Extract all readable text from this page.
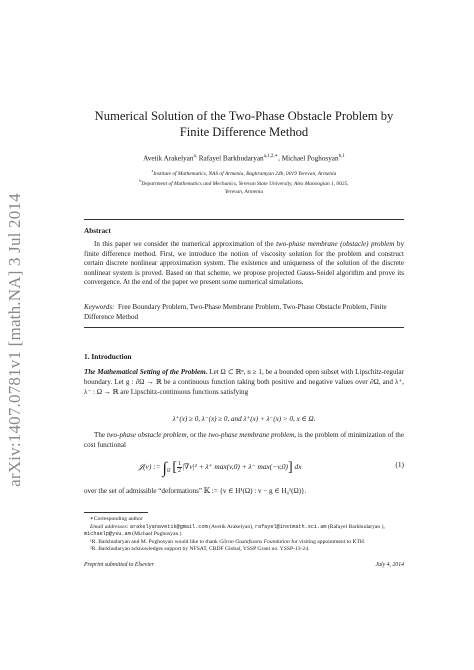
arXiv:1407.0781v1 [math.NA] 3 Jul 2014
Numerical Solution of the Two-Phase Obstacle Problem by
Finite Difference Method
Avetik Arakelyan$^{a,}$ Rafayel Barkhudaryan$^{a,1,2,∗}$, Michael Poghosyan$^{b,1}$
$^a$Institute of Mathematics, NAS of Armenia, Baghramyan 24b, 0019 Yerevan, Armenia
$^b$Department of Mathematics and Mechanics, Yerevan State University, Alex Manoogian 1, 0025,
Yerevan, Armenia
Abstract
In this paper we consider the numerical approximation of the two-phase membrane (obstacle) problem by finite difference method. First, we introduce the notion of viscosity solution for the problem and construct certain discrete nonlinear approximation system. The existence and uniqueness of the solution of the discrete nonlinear system is proved. Based on that scheme, we propose projected Gauss-Seidel algorithm and prove its convergence. At the end of the paper we present some numerical simulations.
Keywords: Free Boundary Problem, Two-Phase Membrane Problem, Two-Phase Obstacle Problem, Finite Difference Method
1. Introduction
The Mathematical Setting of the Problem. Let Ω ⊂ ℝⁿ, n ≥ 1, be a bounded open subset with Lipschitz-regular boundary. Let g : ∂Ω → ℝ be a continuous function taking both positive and negative values over ∂Ω, and λ⁺, λ⁻ : Ω → ℝ are Lipschitz-continuous functions satisfying
λ⁺(x) ≥ 0, λ⁻(x) ≥ 0, and λ⁺(x) + λ⁻(x) > 0, x ∈ Ω.
The two-phase obstacle problem, or the two-phase membrane problem, is the problem of minimization of the cost functional
𝒥(v) := $\int_\Omega$ [ $\frac{1}{2} |\nabla v|^2 + \lambda^+$ max(v,0) + λ⁻ max(−v,0)] dx	(1)
over the set of admissible “deformations” 𝕂 := {v ∈ H¹(Ω) : v − g ∈ H₀¹(Ω)}.
∗Corresponding author
Email addresses: arakelyanavetik@gmail.com (Avetik Arakelyan), rafayel@instmath.sci.am (Rafayel Barkhudaryan ), michaelp@ysu.am (Michael Poghosyan )
¹R. Barkhudaryan and M. Poghosyan would like to thank Göran Gustafssons Foundation for visiting appointment to KTH.
²R. Barkhudaryan acknowledges support by NFSAT, CRDF Global, YSSP Grant no. YSSP-13-24.
Preprint submitted to Elsevier	July 4, 2014
